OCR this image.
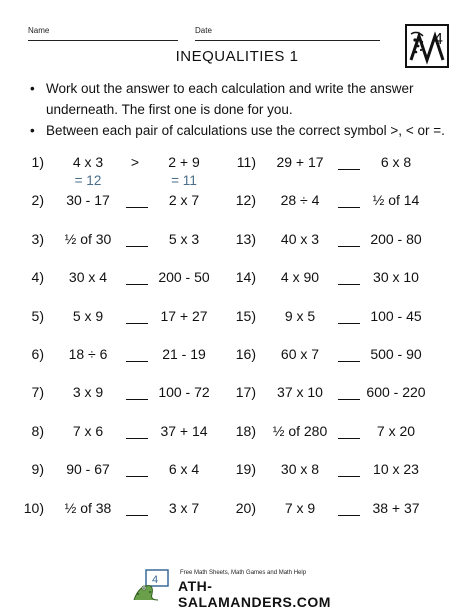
Name	Date
INEQUALITIES 1
4
• Work out the answer to each calculation and write the answer underneath. The first one is done for you.
• Between each pair of calculations use the correct symbol >, < or =.
1)	4 x 3	>	2 + 9
= 12	= 11
2)	30 - 17	2 x 7
3)	½ of 30	5 x 3
4)	30 x 4	200 - 50
5)	5 x 9	17 + 27
6)	18 ÷ 6	21 - 19
7)	3 x 9	100 - 72
8)	7 x 6	37 + 14
9)	90 - 67	6 x 4
10)	½ of 38	3 x 7
11)	29 + 17	6 x 8
12)	28 ÷ 4	½ of 14
13)	40 x 3	200 - 80
14)	4 x 90	30 x 10
15)	9 x 5	100 - 45
16)	60 x 7	500 - 90
17)	37 x 10	600 - 220
18)	½ of 280	7 x 20
19)	30 x 8	10 x 23
20)	7 x 9	38 + 37
4
Free Math Sheets, Math Games and Math Help
ATH-SALAMANDERS.COM
